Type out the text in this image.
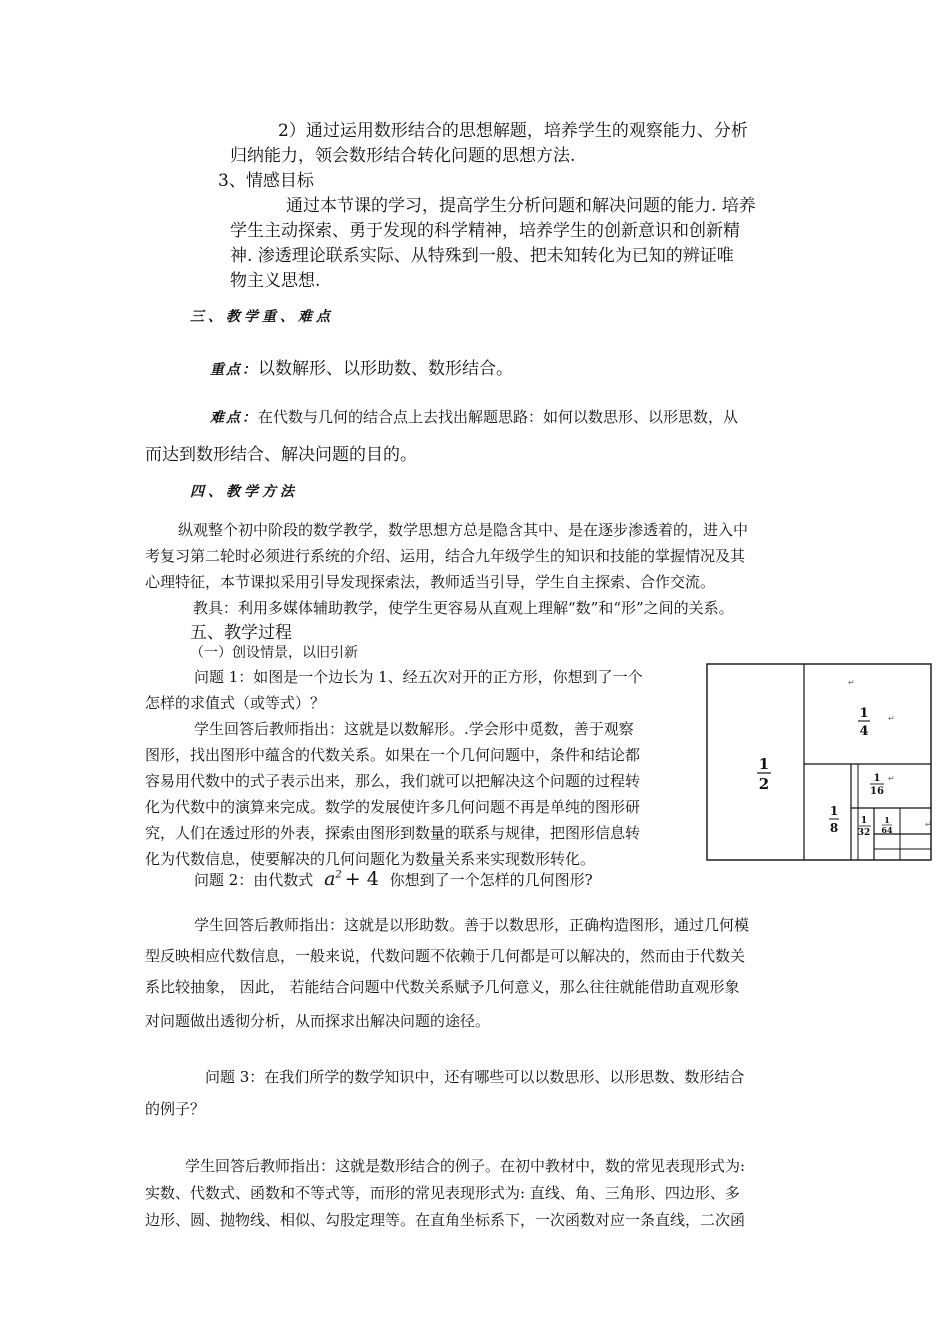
2）通过运用数形结合的思想解题，培养学生的观察能力、分析
归纳能力，领会数形结合转化问题的思想方法.
3、情感目标
通过本节课的学习，提高学生分析问题和解决问题的能力. 培养
学生主动探索、勇于发现的科学精神，培养学生的创新意识和创新精
神. 渗透理论联系实际、从特殊到一般、把未知转化为已知的辨证唯
物主义思想.
三、教学重、难点
重点：以数解形、以形助数、数形结合。
难点：在代数与几何的结合点上去找出解题思路：如何以数思形、以形思数，从
而达到数形结合、解决问题的目的。
四、教学方法
纵观整个初中阶段的数学教学，数学思想方总是隐含其中、是在逐步渗透着的，进入中
考复习第二轮时必须进行系统的介绍、运用，结合九年级学生的知识和技能的掌握情况及其
心理特征，本节课拟采用引导发现探索法，教师适当引导，学生自主探索、合作交流。
教具：利用多媒体辅助教学，使学生更容易从直观上理解“数”和“形”之间的关系。
五、教学过程
（一）创设情景，以旧引新
问题 1：如图是一个边长为 1、经五次对开的正方形，你想到了一个
怎样的求值式（或等式）？
学生回答后教师指出：这就是以数解形。.学会形中觅数，善于观察
图形，找出图形中蕴含的代数关系。如果在一个几何问题中，条件和结论都
容易用代数中的式子表示出来，那么，我们就可以把解决这个问题的过程转
化为代数中的演算来完成。数学的发展使许多几何问题不再是单纯的图形研
究，人们在透过形的外表，探索由图形到数量的联系与规律，把图形信息转
化为代数信息，使要解决的几何问题化为数量关系来实现数形转化。
问题 2：由代数式 $a^2 + 4$ 你想到了一个怎样的几何图形?
学生回答后教师指出：这就是以形助数。善于以数思形，正确构造图形，通过几何模
型反映相应代数信息，一般来说，代数问题不依赖于几何都是可以解决的，然而由于代数关
系比较抽象， 因此， 若能结合问题中代数关系赋予几何意义，那么往往就能借助直观形象
对问题做出透彻分析，从而探求出解决问题的途径。
问题 3：在我们所学的数学知识中，还有哪些可以以数思形、以形思数、数形结合
的例子？
学生回答后教师指出：这就是数形结合的例子。在初中教材中，数的常见表现形式为:
实数、代数式、函数和不等式等，而形的常见表现形式为: 直线、角、三角形、四边形、多
边形、圆、抛物线、相似、勾股定理等。在直角坐标系下，一次函数对应一条直线，二次函
1
2
1
4
1
8
1
16
1
32
1
64
↵
↵
↵
↵
